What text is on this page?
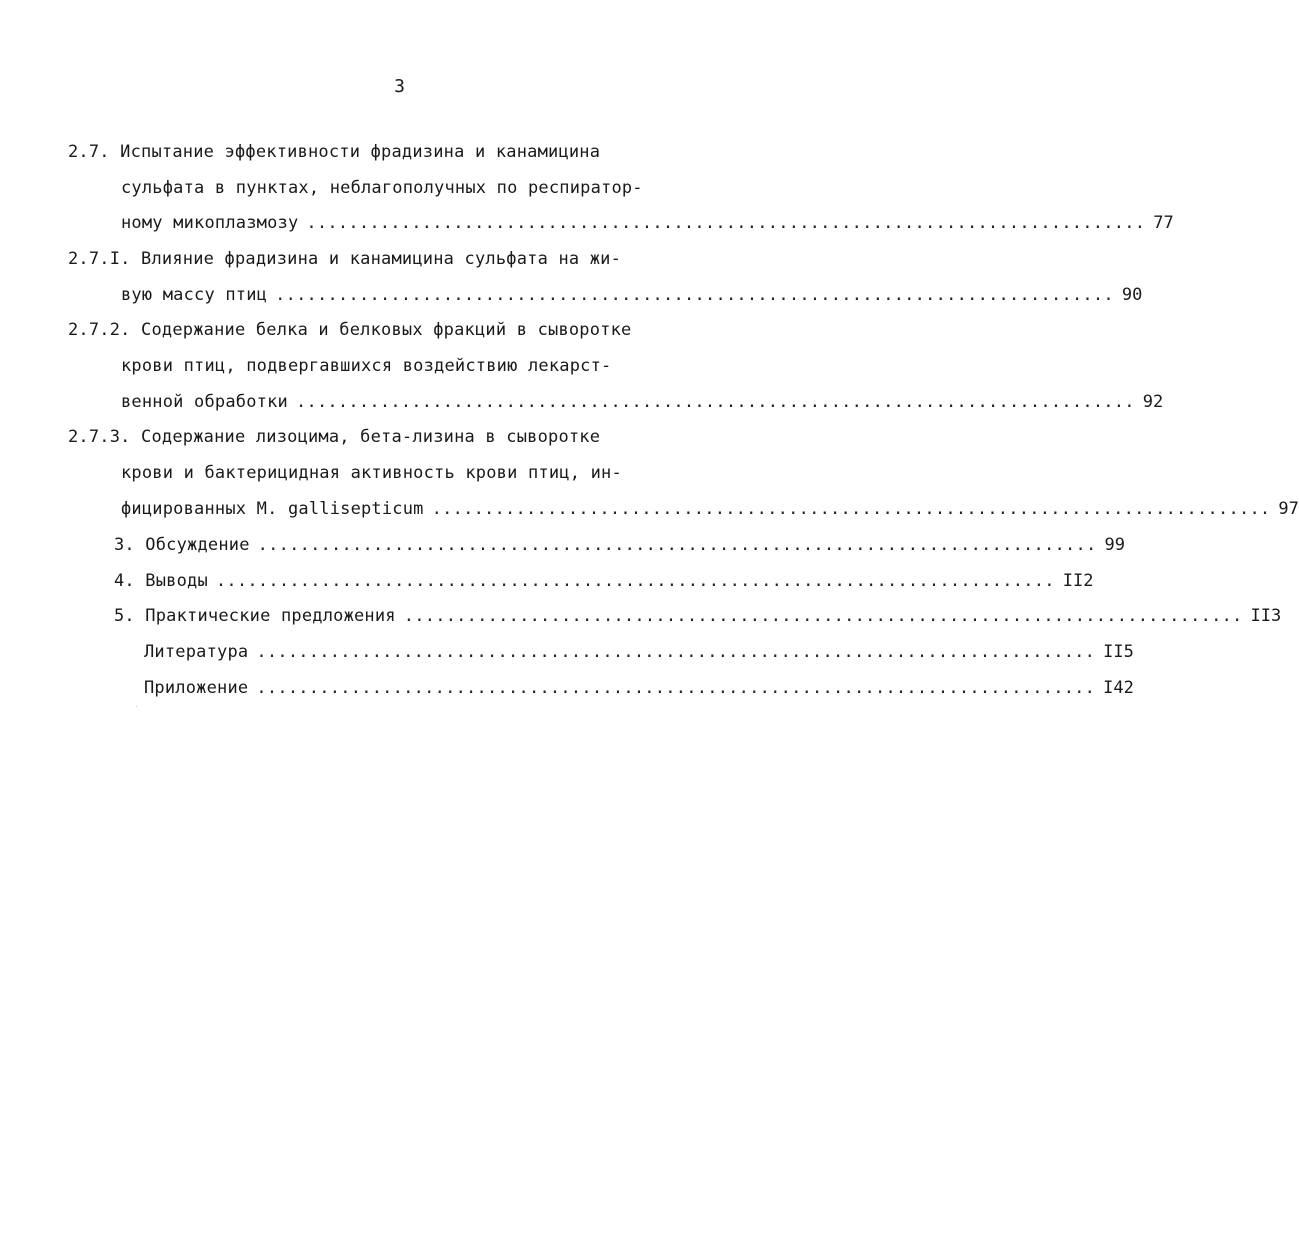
3
2.7. Испытание эффективности фрадизина и канамицина
сульфата в пунктах, неблагополучных по респиратор-
ному микоплазмозу ................................................................................ 77
2.7.I. Влияние фрадизина и канамицина сульфата на жи-
вую массу птиц ................................................................................ 90
2.7.2. Содержание белка и белковых фракций в сыворотке
крови птиц, подвергавшихся воздействию лекарст-
венной обработки ................................................................................ 92
2.7.3. Содержание лизоцима, бета-лизина в сыворотке
крови и бактерицидная активность крови птиц, ин-
фицированных M. gallisepticum ................................................................................ 97
3. Обсуждение ................................................................................ 99
4. Выводы ................................................................................ II2
5. Практические предложения ................................................................................ II3
Литература ................................................................................ II5
Приложение ................................................................................ I42
